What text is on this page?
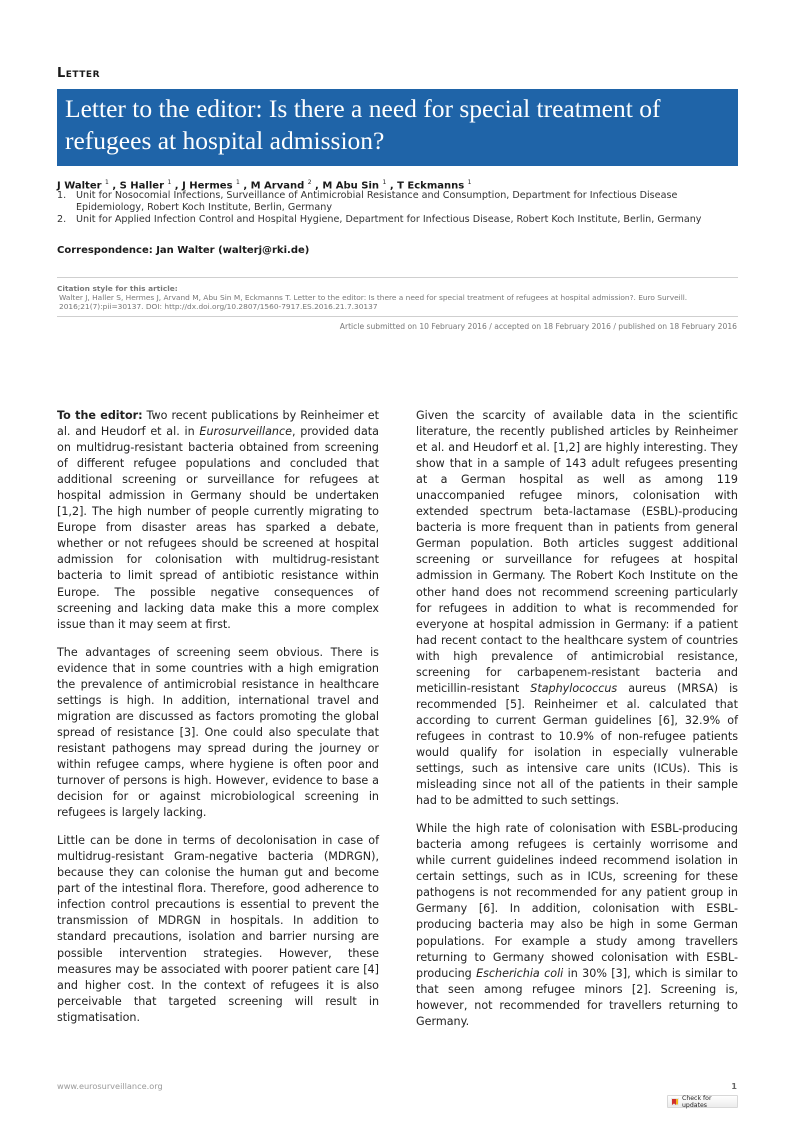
Letter
Letter to the editor: Is there a need for special treatment of refugees at hospital admission?
J Walter $^1$ , S Haller $^1$ , J Hermes $^1$ , M Arvand $^2$ , M Abu Sin $^1$ , T Eckmanns $^1$
1.	Unit for Nosocomial Infections, Surveillance of Antimicrobial Resistance and Consumption, Department for Infectious Disease Epidemiology, Robert Koch Institute, Berlin, Germany
2.	Unit for Applied Infection Control and Hospital Hygiene, Department for Infectious Disease, Robert Koch Institute, Berlin, Germany
Correspondence: Jan Walter (walterj@rki.de)
Citation style for this article:
Walter J, Haller S, Hermes J, Arvand M, Abu Sin M, Eckmanns T. Letter to the editor: Is there a need for special treatment of refugees at hospital admission?. Euro Surveill. 2016;21(7):pii=30137. DOI: http://dx.doi.org/10.2807/1560-7917.ES.2016.21.7.30137
Article submitted on 10 February 2016 / accepted on 18 February 2016 / published on 18 February 2016

To the editor: Two recent publications by Reinheimer et al. and Heudorf et al. in Eurosurveillance, provided data on multidrug-resistant bacteria obtained from screening of different refugee populations and concluded that additional screening or surveillance for refugees at hospital admission in Germany should be undertaken [1,2]. The high number of people currently migrating to Europe from disaster areas has sparked a debate, whether or not refugees should be screened at hospital admission for colonisation with multidrug-resistant bacteria to limit spread of antibiotic resistance within Europe. The possible negative consequences of screening and lacking data make this a more complex issue than it may seem at first.

The advantages of screening seem obvious. There is evidence that in some countries with a high emigration the prevalence of antimicrobial resistance in healthcare settings is high. In addition, international travel and migration are discussed as factors promoting the global spread of resistance [3]. One could also speculate that resistant pathogens may spread during the journey or within refugee camps, where hygiene is often poor and turnover of persons is high. However, evidence to base a decision for or against microbiological screening in refugees is largely lacking.

Little can be done in terms of decolonisation in case of multidrug-resistant Gram-negative bacteria (MDRGN), because they can colonise the human gut and become part of the intestinal flora. Therefore, good adherence to infection control precautions is essential to prevent the transmission of MDRGN in hospitals. In addition to standard precautions, isolation and barrier nursing are possible intervention strategies. However, these measures may be associated with poorer patient care [4] and higher cost. In the context of refugees it is also perceivable that targeted screening will result in stigmatisation.

Given the scarcity of available data in the scientific literature, the recently published articles by Reinheimer et al. and Heudorf et al. [1,2] are highly interesting. They show that in a sample of 143 adult refugees presenting at a German hospital as well as among 119 unaccompanied refugee minors, colonisation with extended spectrum beta-lactamase (ESBL)-producing bacteria is more frequent than in patients from general German population. Both articles suggest additional screening or surveillance for refugees at hospital admission in Germany. The Robert Koch Institute on the other hand does not recommend screening particularly for refugees in addition to what is recommended for everyone at hospital admission in Germany: if a patient had recent contact to the healthcare system of countries with high prevalence of antimicrobial resistance, screening for carbapenem-resistant bacteria and meticillin-resistant Staphylococcus aureus (MRSA) is recommended [5]. Reinheimer et al. calculated that according to current German guidelines [6], 32.9% of refugees in contrast to 10.9% of non-refugee patients would qualify for isolation in especially vulnerable settings, such as intensive care units (ICUs). This is misleading since not all of the patients in their sample had to be admitted to such settings.

While the high rate of colonisation with ESBL-producing bacteria among refugees is certainly worrisome and while current guidelines indeed recommend isolation in certain settings, such as in ICUs, screening for these pathogens is not recommended for any patient group in Germany [6]. In addition, colonisation with ESBL-producing bacteria may also be high in some German populations. For example a study among travellers returning to Germany showed colonisation with ESBL-producing Escherichia coli in 30% [3], which is similar to that seen among refugee minors [2]. Screening is, however, not recommended for travellers returning to Germany.

www.eurosurveillance.org	1
Check for updates
